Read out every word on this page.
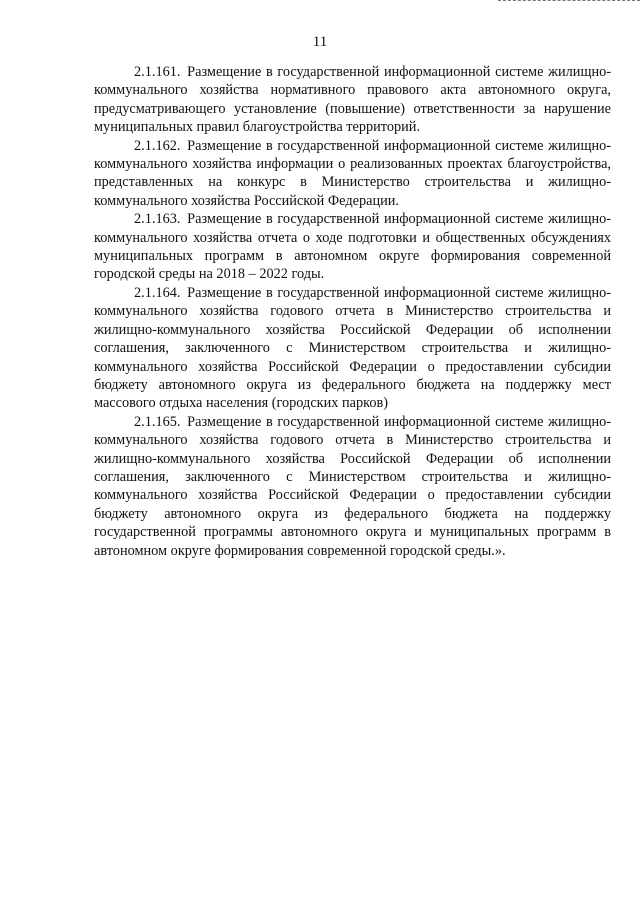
11

2.1.161. Размещение в государственной информационной системе жилищно-коммунального хозяйства нормативного правового акта автономного округа, предусматривающего установление (повышение) ответственности за нарушение муниципальных правил благоустройства территорий.

2.1.162. Размещение в государственной информационной системе жилищно-коммунального хозяйства информации о реализованных проектах благоустройства, представленных на конкурс в Министерство строительства и жилищно-коммунального хозяйства Российской Федерации.

2.1.163. Размещение в государственной информационной системе жилищно-коммунального хозяйства отчета о ходе подготовки и общественных обсуждениях муниципальных программ в автономном округе формирования современной городской среды на 2018 – 2022 годы.

2.1.164. Размещение в государственной информационной системе жилищно-коммунального хозяйства годового отчета в Министерство строительства и жилищно-коммунального хозяйства Российской Федерации об исполнении соглашения, заключенного с Министерством строительства и жилищно-коммунального хозяйства Российской Федерации о предоставлении субсидии бюджету автономного округа из федерального бюджета на поддержку мест массового отдыха населения (городских парков)

2.1.165. Размещение в государственной информационной системе жилищно-коммунального хозяйства годового отчета в Министерство строительства и жилищно-коммунального хозяйства Российской Федерации об исполнении соглашения, заключенного с Министерством строительства и жилищно-коммунального хозяйства Российской Федерации о предоставлении субсидии бюджету автономного округа из федерального бюджета на поддержку государственной программы автономного округа и муниципальных программ в автономном округе формирования современной городской среды.».
